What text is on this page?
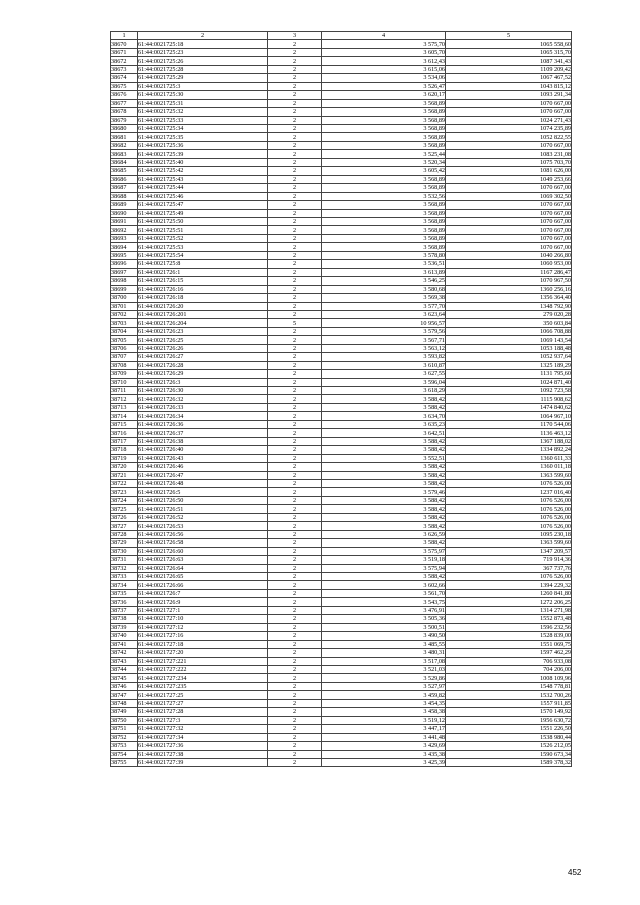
1	2	3	4	5
38670	61:44:0021725:18	2	3 575,70	1065 558,60
38671	61:44:0021725:23	2	3 605,70	1065 315,70
38672	61:44:0021725:26	2	3 612,43	1087 341,43
38673	61:44:0021725:28	2	3 615,06	1109 209,42
38674	61:44:0021725:29	2	3 534,06	1067 467,52
38675	61:44:0021725:3	2	3 526,47	1043 815,12
38676	61:44:0021725:30	2	3 620,17	1093 291,34
38677	61:44:0021725:31	2	3 568,89	1070 667,00
38678	61:44:0021725:32	2	3 568,89	1070 667,00
38679	61:44:0021725:33	2	3 568,89	1024 271,43
38680	61:44:0021725:34	2	3 568,89	1074 235,89
38681	61:44:0021725:35	2	3 568,89	1052 822,55
38682	61:44:0021725:36	2	3 568,89	1070 667,00
38683	61:44:0021725:39	2	3 525,44	1083 231,08
38684	61:44:0021725:40	2	3 520,34	1075 703,70
38685	61:44:0021725:42	2	3 605,42	1081 626,00
38686	61:44:0021725:43	2	3 568,89	1049 253,66
38687	61:44:0021725:44	2	3 568,89	1070 667,00
38688	61:44:0021725:46	2	3 532,56	1069 302,50
38689	61:44:0021725:47	2	3 568,89	1070 667,00
38690	61:44:0021725:49	2	3 568,89	1070 667,00
38691	61:44:0021725:50	2	3 568,89	1070 667,00
38692	61:44:0021725:51	2	3 568,89	1070 667,00
38693	61:44:0021725:52	2	3 568,89	1070 667,00
38694	61:44:0021725:53	2	3 568,89	1070 667,00
38695	61:44:0021725:54	2	3 578,80	1040 266,80
38696	61:44:0021725:8	2	3 536,51	1060 953,00
38697	61:44:0021726:1	2	3 613,89	1167 286,47
38698	61:44:0021726:15	2	3 546,25	1070 967,50
38699	61:44:0021726:16	2	3 580,68	1360 256,16
38700	61:44:0021726:18	2	3 569,38	1356 364,40
38701	61:44:0021726:20	2	3 577,70	1348 792,90
38702	61:44:0021726:201	2	3 623,64	279 020,28
38703	61:44:0021726:204	5	10 956,57	350 603,84
38704	61:44:0021726:23	2	3 579,56	1066 708,88
38705	61:44:0021726:25	2	3 567,71	1069 143,54
38706	61:44:0021726:26	2	3 563,12	1053 188,48
38707	61:44:0021726:27	2	3 593,82	1052 937,64
38708	61:44:0021726:28	2	3 610,87	1325 189,29
38709	61:44:0021726:29	2	3 627,55	1131 795,60
38710	61:44:0021726:3	2	3 596,04	1024 871,40
38711	61:44:0021726:30	2	3 618,29	1092 723,58
38712	61:44:0021726:32	2	3 588,42	1115 908,62
38713	61:44:0021726:33	2	3 588,42	1474 840,62
38714	61:44:0021726:34	2	3 634,70	1064 967,10
38715	61:44:0021726:36	2	3 635,23	1170 544,06
38716	61:44:0021726:37	2	3 642,51	1136 463,12
38717	61:44:0021726:38	2	3 588,42	1367 188,02
38718	61:44:0021726:40	2	3 588,42	1334 892,24
38719	61:44:0021726:43	2	3 552,51	1360 611,33
38720	61:44:0021726:46	2	3 588,42	1360 011,18
38721	61:44:0021726:47	2	3 588,42	1363 599,60
38722	61:44:0021726:48	2	3 588,42	1076 526,00
38723	61:44:0021726:5	2	3 579,46	1237 016,40
38724	61:44:0021726:50	2	3 588,42	1076 526,00
38725	61:44:0021726:51	2	3 588,42	1076 526,00
38726	61:44:0021726:52	2	3 588,42	1076 526,00
38727	61:44:0021726:53	2	3 588,42	1076 526,00
38728	61:44:0021726:56	2	3 626,59	1095 230,18
38729	61:44:0021726:58	2	3 588,42	1363 599,60
38730	61:44:0021726:60	2	3 575,97	1347 209,57
38731	61:44:0021726:63	2	3 519,18	719 914,36
38732	61:44:0021726:64	2	3 575,94	367 737,76
38733	61:44:0021726:65	2	3 588,42	1076 526,00
38734	61:44:0021726:66	2	3 602,66	1394 229,32
38735	61:44:0021726:7	2	3 561,70	1260 841,80
38736	61:44:0021726:9	2	3 543,75	1272 206,25
38737	61:44:0021727:1	2	3 476,91	1314 271,98
38738	61:44:0021727:10	2	3 505,36	1552 873,48
38739	61:44:0021727:12	2	3 500,51	1596 232,56
38740	61:44:0021727:16	2	3 490,50	1528 839,00
38741	61:44:0021727:18	2	3 485,55	1551 069,75
38742	61:44:0021727:20	2	3 480,31	1597 462,29
38743	61:44:0021727:221	2	3 517,08	706 933,08
38744	61:44:0021727:222	2	3 521,03	704 206,00
38745	61:44:0021727:234	2	3 529,86	1008 109,96
38746	61:44:0021727:235	2	3 527,97	1548 778,81
38747	61:44:0021727:25	2	3 459,82	1532 700,26
38748	61:44:0021727:27	2	3 454,35	1557 911,85
38749	61:44:0021727:28	2	3 458,38	1570 149,92
38750	61:44:0021727:3	2	3 519,12	1956 630,72
38751	61:44:0021727:32	2	3 447,17	1551 226,50
38752	61:44:0021727:34	2	3 441,48	1538 980,44
38753	61:44:0021727:36	2	3 429,69	1526 212,05
38754	61:44:0021727:38	2	3 435,38	1590 673,34
38755	61:44:0021727:39	2	3 425,39	1589 378,32
452
